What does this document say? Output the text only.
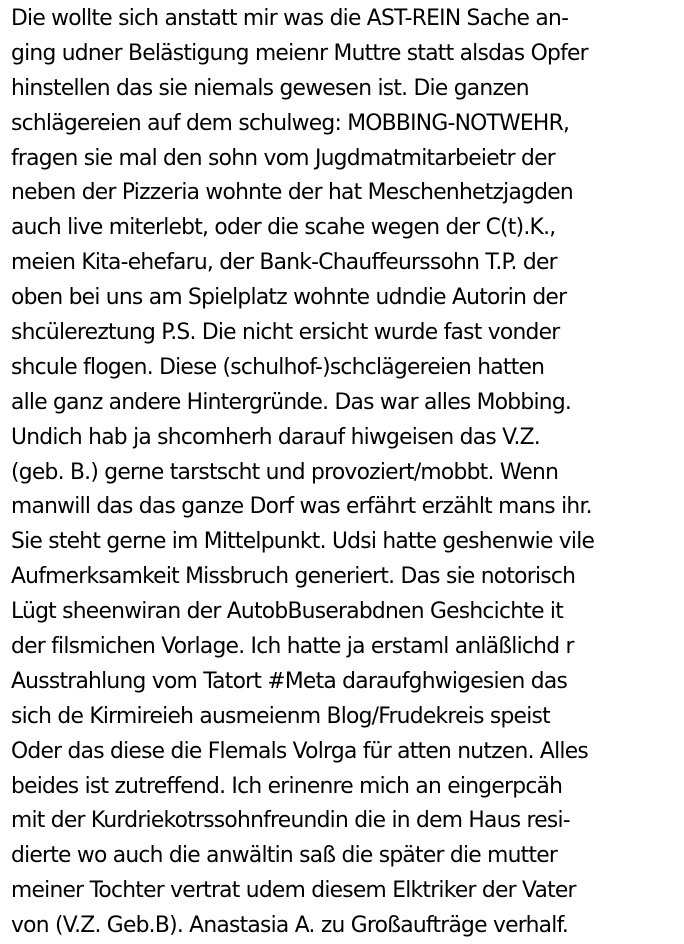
Die wollte sich anstatt mir was die AST-REIN Sache an-
ging udner Belästigung meienr Muttre statt alsdas Opfer
hinstellen das sie niemals gewesen ist. Die ganzen
schlägereien auf dem schulweg: MOBBING-NOTWEHR,
fragen sie mal den sohn vom Jugdmatmitarbeietr der
neben der Pizzeria wohnte der hat Meschenhetzjagden
auch live miterlebt, oder die scahe wegen der C(t).K.,
meien Kita-ehefaru, der Bank-Chauffeurssohn T.P. der
oben bei uns am Spielplatz wohnte udndie Autorin der
shcülereztung P.S. Die nicht ersicht wurde fast vonder
shcule flogen. Diese (schulhof-)schclägereien hatten
alle ganz andere Hintergründe. Das war alles Mobbing.
Undich hab ja shcomherh darauf hiwgeisen das V.Z.
(geb. B.) gerne tarstscht und provoziert/mobbt. Wenn
manwill das das ganze Dorf was erfährt erzählt mans ihr.
Sie steht gerne im Mittelpunkt. Udsi hatte geshenwie vile
Aufmerksamkeit Missbruch generiert. Das sie notorisch
Lügt sheenwiran der AutobBuserabdnen Geshcichte it
der filsmichen Vorlage. Ich hatte ja erstaml anläßlichd r
Ausstrahlung vom Tatort #Meta daraufghwigesien das
sich de Kirmireieh ausmeienm Blog/Frudekreis speist
Oder das diese die Flemals Volrga für atten nutzen. Alles
beides ist zutreffend. Ich erinenre mich an eingerpcäh
mit der Kurdriekotrssohnfreundin die in dem Haus resi-
dierte wo auch die anwältin saß die später die mutter
meiner Tochter vertrat udem diesem Elktriker der Vater
von (V.Z. Geb.B). Anastasia A. zu Großaufträge verhalf.
